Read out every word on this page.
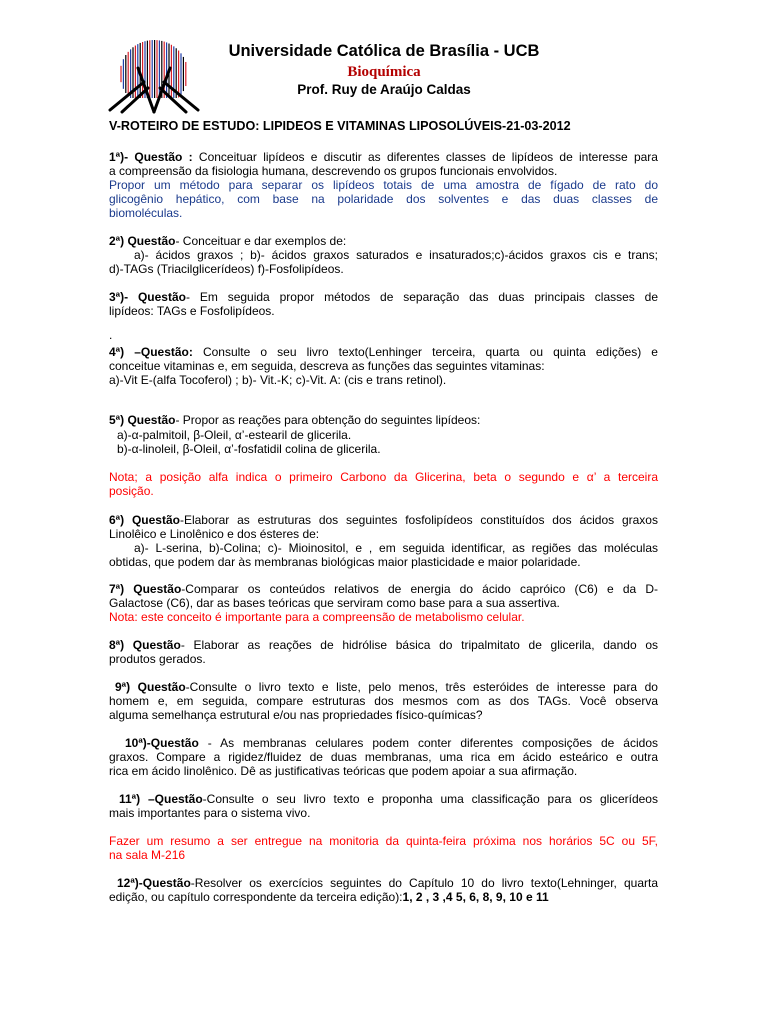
Universidade Católica de Brasília - UCB
Bioquímica
Prof. Ruy de Araújo Caldas
V-ROTEIRO DE ESTUDO: LIPIDEOS E VITAMINAS LIPOSOLÚVEIS-21-03-2012
1ª)- Questão : Conceituar lipídeos e discutir as diferentes classes de lipídeos de interesse para
a compreensão da fisiologia humana, descrevendo os grupos funcionais envolvidos.
Propor um método para separar os lipídeos totais de uma amostra de fígado de rato do
glicogênio hepático, com base na polaridade dos solventes e das duas classes de
biomoléculas.
2ª) Questão- Conceituar e dar exemplos de:
a)- ácidos graxos ; b)- ácidos graxos saturados e insaturados;c)-ácidos graxos cis e trans;
d)-TAGs (Triacilglicerídeos) f)-Fosfolipídeos.
3ª)- Questão- Em seguida propor métodos de separação das duas principais classes de
lipídeos: TAGs e Fosfolipídeos.
.
4ª) –Questão: Consulte o seu livro texto(Lenhinger terceira, quarta ou quinta edições) e
conceitue vitaminas e, em seguida, descreva as funções das seguintes vitaminas:
a)-Vit E-(alfa Tocoferol) ; b)- Vit.-K; c)-Vit. A: (cis e trans retinol).
5ª) Questão- Propor as reações para obtenção do seguintes lipídeos:
a)-α-palmitoil, β-Oleil, α’-estearil de glicerila.
b)-α-linoleil, β-Oleil, α’-fosfatidil colina de glicerila.
Nota; a posição alfa indica o primeiro Carbono da Glicerina, beta o segundo e α’ a terceira
posição.
6ª) Questão-Elaborar as estruturas dos seguintes fosfolipídeos constituídos dos ácidos graxos
Linolêico e Linolênico e dos ésteres de:
a)- L-serina, b)-Colina; c)- Mioinositol, e , em seguida identificar, as regiões das moléculas
obtidas, que podem dar às membranas biológicas maior plasticidade e maior polaridade.
7ª) Questão-Comparar os conteúdos relativos de energia do ácido capróico (C6) e da D-
Galactose (C6), dar as bases teóricas que serviram como base para a sua assertiva.
Nota: este conceito é importante para a compreensão de metabolismo celular.
8ª) Questão- Elaborar as reações de hidrólise básica do tripalmitato de glicerila, dando os
produtos gerados.
9ª) Questão-Consulte o livro texto e liste, pelo menos, três esteróides de interesse para do
homem e, em seguida, compare estruturas dos mesmos com as dos TAGs. Você observa
alguma semelhança estrutural e/ou nas propriedades físico-químicas?
10ª)-Questão - As membranas celulares podem conter diferentes composições de ácidos
graxos. Compare a rigidez/fluidez de duas membranas, uma rica em ácido esteárico e outra
rica em ácido linolênico. Dê as justificativas teóricas que podem apoiar a sua afirmação.
11ª) –Questão-Consulte o seu livro texto e proponha uma classificação para os glicerídeos
mais importantes para o sistema vivo.
Fazer um resumo a ser entregue na monitoria da quinta-feira próxima nos horários 5C ou 5F,
na sala M-216
12ª)-Questão-Resolver os exercícios seguintes do Capítulo 10 do livro texto(Lehninger, quarta
edição, ou capítulo correspondente da terceira edição):1, 2 , 3 ,4 5, 6, 8, 9, 10 e 11
